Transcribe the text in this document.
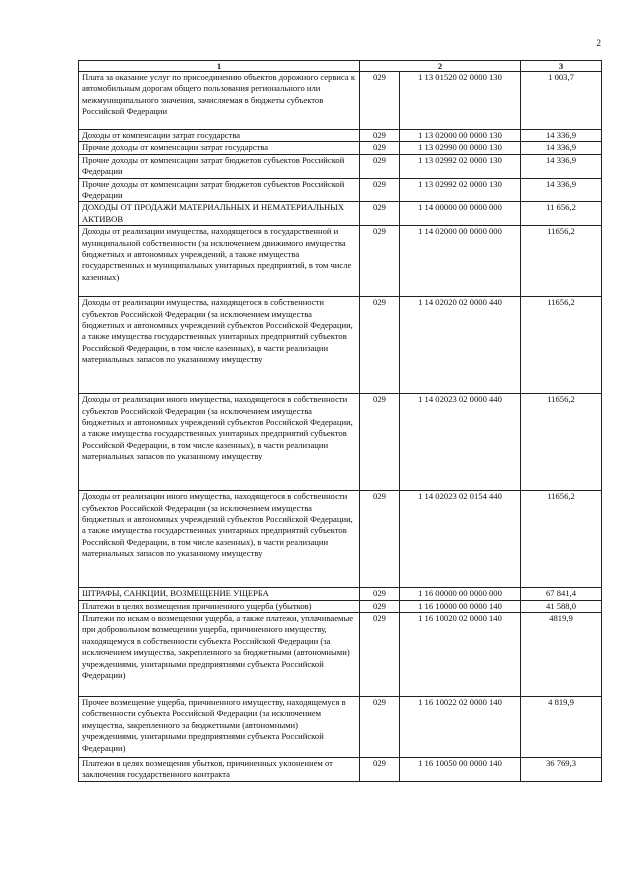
2
1	2		3
Плата за оказание услуг по присоединению объектов дорожного сервиса к автомобильным дорогам общего пользования регионального или межмуниципального значения, зачисляемая в бюджеты субъектов Российской Федерации	029	1 13 01520 02 0000 130	1 003,7
Доходы от компенсации затрат государства	029	1 13 02000 00 0000 130	14 336,9
Прочие доходы от компенсации затрат государства	029	1 13 02990 00 0000 130	14 336,9
Прочие доходы от компенсации затрат бюджетов субъектов Российской Федерации	029	1 13 02992 02 0000 130	14 336,9
Прочие доходы от компенсации затрат бюджетов субъектов Российской Федерации	029	1 13 02992 02 0000 130	14 336,9
ДОХОДЫ ОТ ПРОДАЖИ МАТЕРИАЛЬНЫХ И НЕМАТЕРИАЛЬНЫХ АКТИВОВ	029	1 14 00000 00 0000 000	11 656,2
Доходы от реализации имущества, находящегося в государственной и муниципальной собственности (за исключением движимого имущества бюджетных и автономных учреждений, а также имущества государственных и муниципальных унитарных предприятий, в том числе казенных)	029	1 14 02000 00 0000 000	11656,2
Доходы от реализации имущества, находящегося в собственности субъектов Российской Федерации (за исключением имущества бюджетных и автономных учреждений субъектов Российской Федерации, а также имущества государственных унитарных предприятий субъектов Российской Федерации, в том числе казенных), в части реализации материальных запасов по указанному имуществу	029	1 14 02020 02 0000 440	11656,2
Доходы от реализации иного имущества, находящегося в собственности субъектов Российской Федерации (за исключением имущества бюджетных и автономных учреждений субъектов Российской Федерации, а также имущества государственных унитарных предприятий субъектов Российской Федерации, в том числе казенных), в части реализации материальных запасов по указанному имуществу	029	1 14 02023 02 0000 440	11656,2
Доходы от реализации иного имущества, находящегося в собственности субъектов Российской Федерации (за исключением имущества бюджетных и автономных учреждений субъектов Российской Федерации, а также имущества государственных унитарных предприятий субъектов Российской Федерации, в том числе казенных), в части реализации материальных запасов по указанному имуществу	029	1 14 02023 02 0154 440	11656,2
ШТРАФЫ, САНКЦИИ, ВОЗМЕЩЕНИЕ УЩЕРБА	029	1 16 00000 00 0000 000	67 841,4
Платежи в целях возмещения причиненного ущерба (убытков)	029	1 16 10000 00 0000 140	41 588,0
Платежи по искам о возмещении ущерба, а также платежи, уплачиваемые при добровольном возмещении ущерба, причиненного имуществу, находящемуся в собственности субъекта Российской Федерации (за исключением имущества, закрепленного за бюджетными (автономными) учреждениями, унитарными предприятиями субъекта Российской Федерации)	029	1 16 10020 02 0000 140	4819,9
Прочее возмещение ущерба, причиненного имуществу, находящемуся в собственности субъекта Российской Федерации (за исключением имущества, закрепленного за бюджетными (автономными) учреждениями, унитарными предприятиями субъекта Российской Федерации)	029	1 16 10022 02 0000 140	4 819,9
Платежи в целях возмещения убытков, причиненных уклонением от заключения государственного контракта	029	1 16 10050 00 0000 140	36 769,3
